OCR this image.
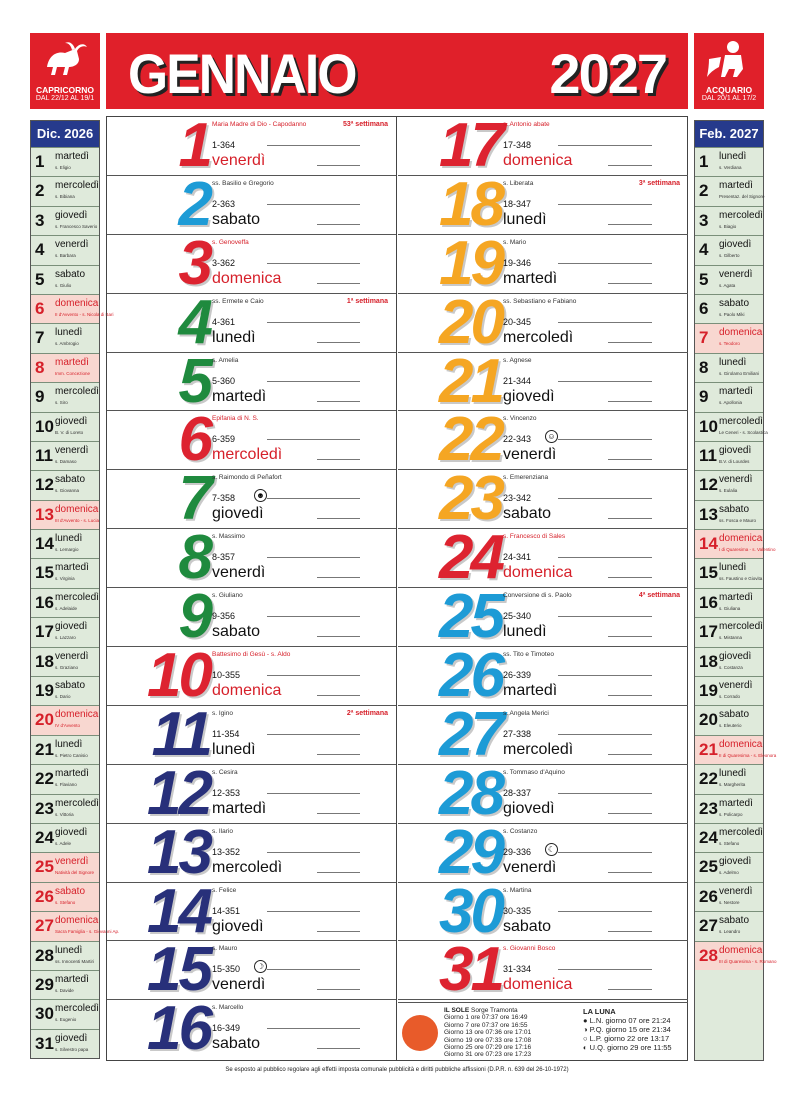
CAPRICORNO
DAL 22/12 AL 19/1 GENNAIO	2027	ACQUARIO
DAL 20/1 AL 17/2
Dic. 2026
1 martedì
s. Eligio
2 mercoledì
s. Bibiana
3 giovedì
s. Francesco Saverio
4 venerdì
s. Barbara
5 sabato
s. Giulio
6 domenica
II d'Avvento - s. Nicola di Bari
7 lunedì
s. Ambrogio
8 martedì
Imm. Concezione
9 mercoledì
s. Siro
10 giovedì
B. V. di Loreto
11 venerdì
s. Damaso
12 sabato
s. Giovanna
13 domenica
III d'Avvento - s. Lucia
14 lunedì
s. Lemargio
15 martedì
s. Virginia
16 mercoledì
s. Adelaide
17 giovedì
s. Lazzaro
18 venerdì
s. Graziano
19 sabato
s. Dario
20 domenica
IV d'Avvento
21 lunedì
s. Pietro Canisio
22 martedì
s. Flaviano
23 mercoledì
s. Vittoria
24 giovedì
s. Adele
25 venerdì
Natività del Signore
26 sabato
s. Stefano
27 domenica
Sacra Famiglia - s. Giovanni Ap.
28 lunedì
ss. Innocenti Martiri
29 martedì
s. Davide
30 mercoledì
s. Eugenio
31 giovedì
s. Silvestro papa
Feb. 2027
1 lunedì
s. Verdiana
2 martedì
Presentaz. del Signore
3 mercoledì
s. Biagio
4 giovedì
s. Gilberto
5 venerdì
s. Agata
6 sabato
s. Paolo Miki
7 domenica
s. Teodoro
8 lunedì
s. Girolamo Emiliani
9 martedì
s. Apollonia
10 mercoledì
Le Ceneri - s. Scolastica
11 giovedì
B.V. di Lourdes
12 venerdì
s. Eulalia
13 sabato
ss. Fosca e Mauro
14 domenica
I di Quaresima - s. Valentino
15 lunedì
ss. Faustino e Giovita
16 martedì
s. Giuliana
17 mercoledì
s. Mistanna
18 giovedì
s. Costanza
19 venerdì
s. Corrado
20 sabato
s. Eleuterio
21 domenica
II di Quaresima - s. Eleonora
22 lunedì
s. Margherita
23 martedì
s. Policarpo
24 mercoledì
s. Stefano
25 giovedì
s. Adelmo
26 venerdì
s. Nestore
27 sabato
s. Leandro
28 domenica
III di Quaresima - s. Romano
1 Maria Madre di Dio - Capodanno	53ª settimana
1-364
venerdì
2 ss. Basilio e Gregorio
2-363
sabato
3 s. Genoveffa
3-362
domenica
4 ss. Ermete e Caio	1ª settimana
4-361
lunedì
5 s. Amelia
5-360
martedì
6 Epifania di N. S.
6-359
mercoledì
7 s. Raimondo di Peñafort
7-358
giovedì
☻
8 s. Massimo
8-357
venerdì
9 s. Giuliano
9-356
sabato
10 Battesimo di Gesù - s. Aldo
10-355
domenica
11 s. Igino	2ª settimana
11-354
lunedì
12 s. Cesira
12-353
martedì
13 s. Ilario
13-352
mercoledì
14 s. Felice
14-351
giovedì
15 s. Mauro
15-350
venerdì
☽
16 s. Marcello
16-349
sabato
17 s. Antonio abate
17-348
domenica
18 s. Liberata	3ª settimana
18-347
lunedì
19 s. Mario
19-346
martedì
20 ss. Sebastiano e Fabiano
20-345
mercoledì
21 s. Agnese
21-344
giovedì
22 s. Vincenzo
22-343
venerdì
☺
23 s. Emerenziana
23-342
sabato
24 s. Francesco di Sales
24-341
domenica
25 Conversione di s. Paolo	4ª settimana
25-340
lunedì
26 ss. Tito e Timoteo
26-339
martedì
27 s. Angela Merici
27-338
mercoledì
28 s. Tommaso d'Aquino
28-337
giovedì
29 s. Costanzo
29-336
venerdì
☾
30 s. Martina
30-335
sabato
31 s. Giovanni Bosco
31-334
domenica
IL SOLE Sorge Tramonta
Giorno 1 ore 07:37 ore 16:49
Giorno 7 ore 07:37 ore 16:55
Giorno 13 ore 07:36 ore 17:01
Giorno 19 ore 07:33 ore 17:08
Giorno 25 ore 07:29 ore 17:16
Giorno 31 ore 07:23 ore 17:23
LA LUNA
● L.N. giorno 07 ore 21:24
◑ P.Q. giorno 15 ore 21:34
○ L.P. giorno 22 ore 13:17
◐ U.Q. giorno 29 ore 11:55
Se esposto al pubblico regolare agli effetti imposta comunale pubblicità e diritti pubbliche affissioni (D.P.R. n. 639 del 26-10-1972)
